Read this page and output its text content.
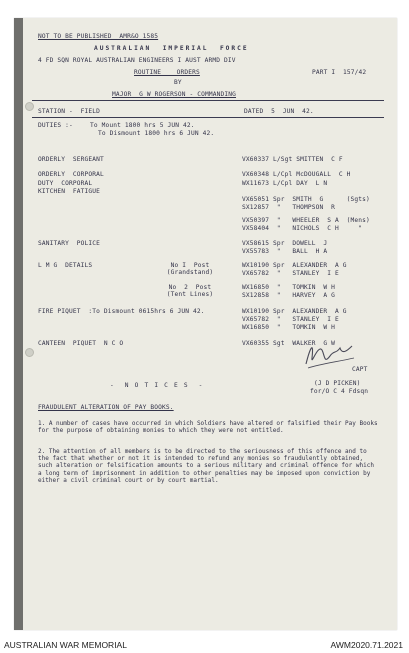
NOT TO BE PUBLISHED  AMR&O 1585
AUSTRALIAN  IMPERIAL  FORCE
4 FD SQN ROYAL AUSTRALIAN ENGINEERS I AUST ARMD DIV
ROUTINE    ORDERS	PART I  157/42
BY
MAJOR  G W ROGERSON - COMMANDING
STATION -  FIELD	DATED  5  JUN  42.
DUTIES :-	To Mount 1800 hrs 5 JUN 42.
To Dismount 1800 hrs 6 JUN 42.
ORDERLY  SERGEANT	VX60337 L/Sgt SMITTEN  C F
ORDERLY  CORPORAL	VX60348 L/Cpl McDOUGALL  C H
DUTY  CORPORAL	WX11673 L/Cpl DAY  L N
KITCHEN  FATIGUE
VX65051 Spr  SMITH  G      (Sgts)
SX12857  "   THOMPSON  R
VX50397  "   WHEELER  S A  (Mens)
VX58404  "   NICHOLS  C H     "
SANITARY  POLICE	VX58615 Spr  DOWELL  J
VX55783  "   BALL  H A
L M G  DETAILS	No I  Post
(Grandstand)
WX10190 Spr  ALEXANDER  A G
VX65782  "   STANLEY  I E
No  2  Post
(Tent Lines)
WX16850  "   TOMKIN  W H
SX12858  "   HARVEY  A G
FIRE PIQUET  :To Dismount 0615hrs 6 JUN 42.	WX10190 Spr  ALEXANDER  A G
VX65782  "   STANLEY  I E
WX16850  "   TOMKIN  W H
CANTEEN  PIQUET  N C O	VX60355 Sgt  WALKER  G W
CAPT
(J D PICKEN)
for/O C 4 Fdsqn
-  N O T I C E S  -
FRAUDULENT ALTERATION OF PAY BOOKS.
1. A number of cases have occurred in which Soldiers have altered or falsified their Pay Books for the purpose of obtaining monies to which they were not entitled.
2. The attention of all members is to be directed to the seriousness of this offence and to the fact that whether or not it is intended to refund any monies so fraudulently obtained, such alteration or felsification amounts to a serious military and criminal offence for which a long term of imprisonment in addition to other penalties may be imposed upon conviction by either a civil criminal court or by court martial.
AUSTRALIAN WAR MEMORIAL	AWM2020.71.2021
